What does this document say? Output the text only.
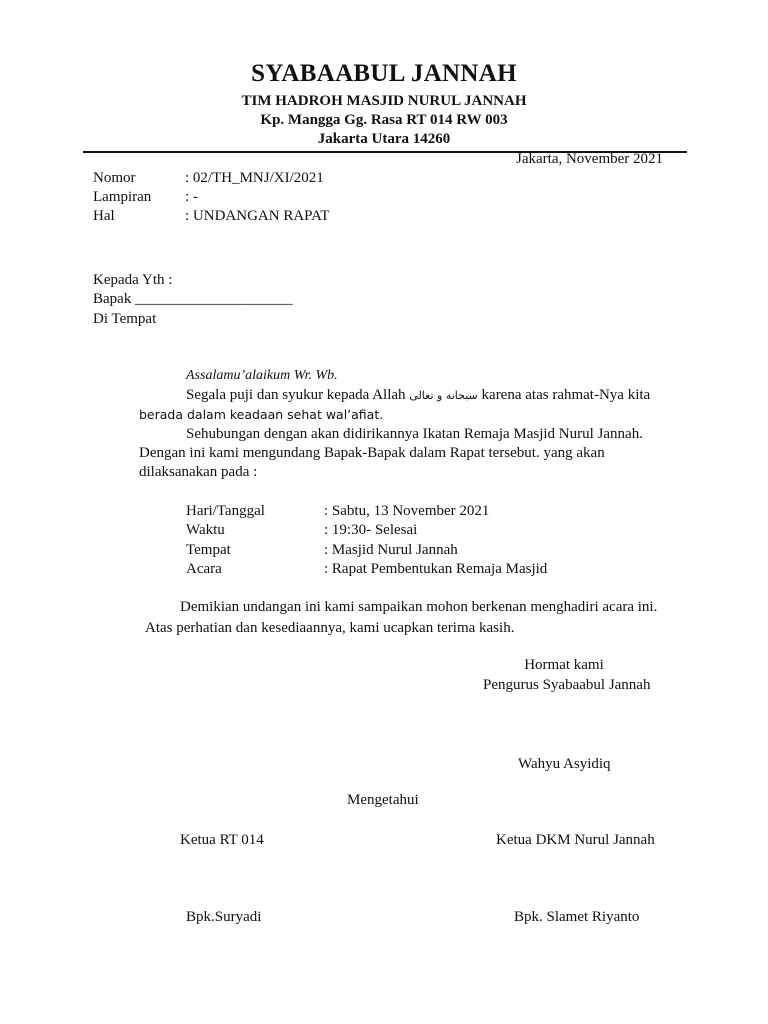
SYABAABUL JANNAH
TIM HADROH MASJID NURUL JANNAH
Kp. Mangga Gg. Rasa RT 014 RW 003
Jakarta Utara 14260
Jakarta, November 2021
Nomor	: 02/TH_MNJ/XI/2021
Lampiran : -
Hal	: UNDANGAN RAPAT
Kepada Yth :
Bapak _____________________
Di Tempat
Assalamu’alaikum Wr. Wb.
Segala puji dan syukur kepada Allah سبحانه و تعالى karena atas rahmat-Nya kita
berada dalam keadaan sehat wal’afiat.
Sehubungan dengan akan didirikannya Ikatan Remaja Masjid Nurul Jannah.
Dengan ini kami mengundang Bapak-Bapak dalam Rapat tersebut. yang akan
dilaksanakan pada :
Hari/Tanggal	: Sabtu, 13 November 2021
Waktu	: 19:30- Selesai
Tempat	: Masjid Nurul Jannah
Acara	: Rapat Pembentukan Remaja Masjid
Demikian undangan ini kami sampaikan mohon berkenan menghadiri acara ini.
Atas perhatian dan kesediaannya, kami ucapkan terima kasih.
Hormat kami
Pengurus Syabaabul Jannah
Wahyu Asyidiq
Mengetahui
Ketua RT 014	Ketua DKM Nurul Jannah
Bpk.Suryadi	Bpk. Slamet Riyanto
